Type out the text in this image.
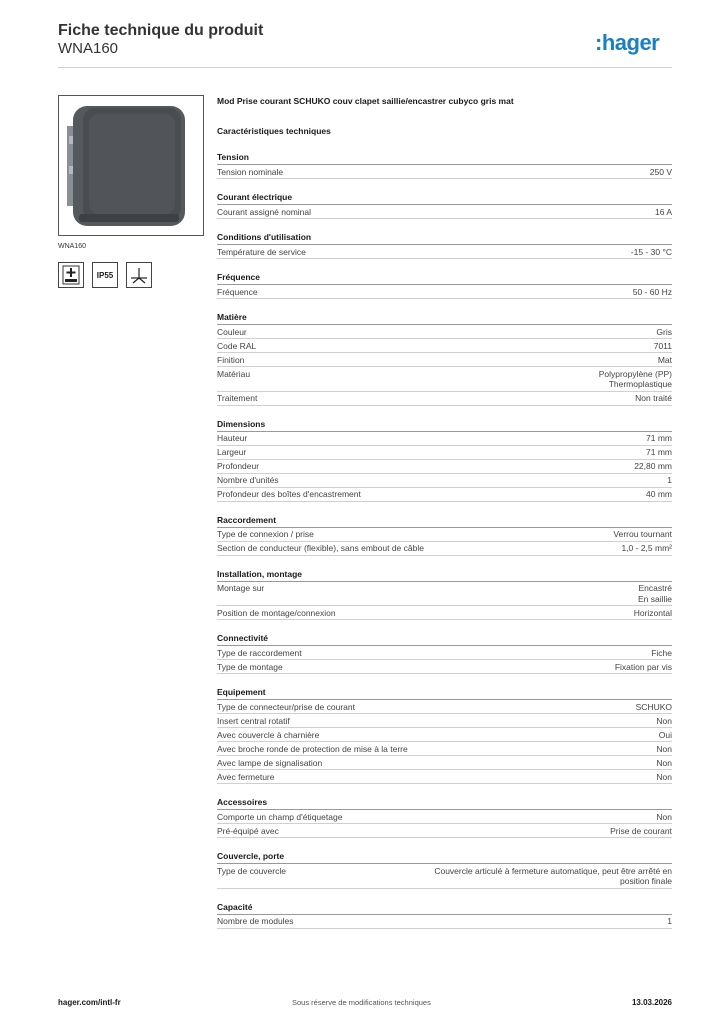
Fiche technique du produit
WNA160	:hager
WNA160
IP55
Mod Prise courant SCHUKO couv clapet saillie/encastrer cubyco gris mat
Caractéristiques techniques
Tension
Tension nominale	250 V
Courant électrique
Courant assigné nominal	16 A
Conditions d'utilisation
Température de service	-15 - 30 °C
Fréquence
Fréquence	50 - 60 Hz
Matière
Couleur	Gris
Code RAL	7011
Finition	Mat
Matériau	Polypropylène (PP)
Thermoplastique
Traitement	Non traité
Dimensions
Hauteur	71 mm
Largeur	71 mm
Profondeur	22,80 mm
Nombre d'unités	1
Profondeur des boîtes d'encastrement	40 mm
Raccordement
Type de connexion / prise	Verrou tournant
Section de conducteur (flexible), sans embout de câble	1,0 - 2,5 mm²
Installation, montage
Montage sur	Encastré
En saillie
Position de montage/connexion	Horizontal
Connectivité
Type de raccordement	Fiche
Type de montage	Fixation par vis
Equipement
Type de connecteur/prise de courant	SCHUKO
Insert central rotatif	Non
Avec couvercle à charnière	Oui
Avec broche ronde de protection de mise à la terre	Non
Avec lampe de signalisation	Non
Avec fermeture	Non
Accessoires
Comporte un champ d'étiquetage	Non
Pré-équipé avec	Prise de courant
Couvercle, porte
Type de couvercle	Couvercle articulé à fermeture automatique, peut être arrêté en position finale
Capacité
Nombre de modules	1
hager.com/intl-fr	Sous réserve de modifications techniques	13.03.2026
